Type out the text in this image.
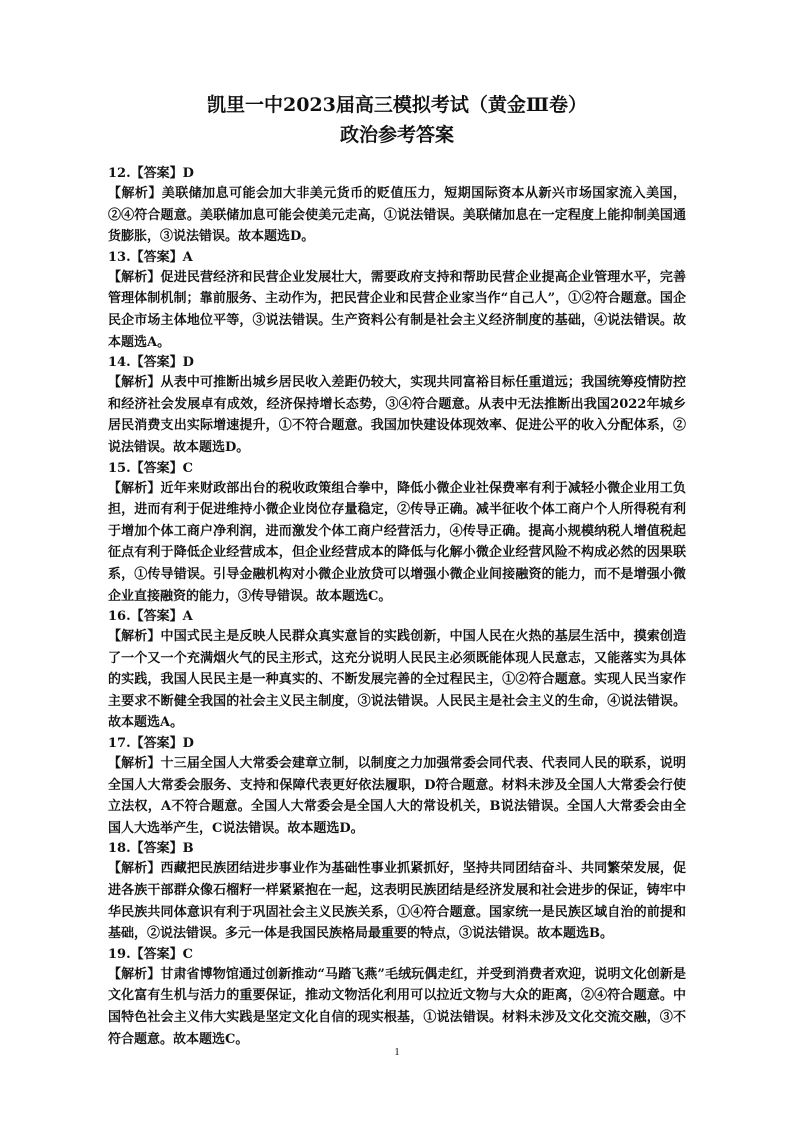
凯里一中2023届高三模拟考试（黄金Ⅲ卷）
政治参考答案

12.【答案】D

【解析】美联储加息可能会加大非美元货币的贬值压力，短期国际资本从新兴市场国家流入美国，②④符合题意。美联储加息可能会使美元走高，①说法错误。美联储加息在一定程度上能抑制美国通货膨胀，③说法错误。故本题选D。

13.【答案】A

【解析】促进民营经济和民营企业发展壮大，需要政府支持和帮助民营企业提高企业管理水平，完善管理体制机制；靠前服务、主动作为，把民营企业和民营企业家当作“自己人”，①②符合题意。国企民企市场主体地位平等，③说法错误。生产资料公有制是社会主义经济制度的基础，④说法错误。故本题选A。

14.【答案】D

【解析】从表中可推断出城乡居民收入差距仍较大，实现共同富裕目标任重道远；我国统筹疫情防控和经济社会发展卓有成效，经济保持增长态势，③④符合题意。从表中无法推断出我国2022年城乡居民消费支出实际增速提升，①不符合题意。我国加快建设体现效率、促进公平的收入分配体系，②说法错误。故本题选D。

15.【答案】C

【解析】近年来财政部出台的税收政策组合拳中，降低小微企业社保费率有利于减轻小微企业用工负担，进而有利于促进维持小微企业岗位存量稳定，②传导正确。减半征收个体工商户个人所得税有利于增加个体工商户净利润，进而激发个体工商户经营活力，④传导正确。提高小规模纳税人增值税起征点有利于降低企业经营成本，但企业经营成本的降低与化解小微企业经营风险不构成必然的因果联系，①传导错误。引导金融机构对小微企业放贷可以增强小微企业间接融资的能力，而不是增强小微企业直接融资的能力，③传导错误。故本题选C。

16.【答案】A

【解析】中国式民主是反映人民群众真实意旨的实践创新，中国人民在火热的基层生活中，摸索创造了一个又一个充满烟火气的民主形式，这充分说明人民民主必须既能体现人民意志，又能落实为具体的实践，我国人民民主是一种真实的、不断发展完善的全过程民主，①②符合题意。实现人民当家作主要求不断健全我国的社会主义民主制度，③说法错误。人民民主是社会主义的生命，④说法错误。故本题选A。

17.【答案】D

【解析】十三届全国人大常委会建章立制，以制度之力加强常委会同代表、代表同人民的联系，说明全国人大常委会服务、支持和保障代表更好依法履职，D符合题意。材料未涉及全国人大常委会行使立法权，A不符合题意。全国人大常委会是全国人大的常设机关，B说法错误。全国人大常委会由全国人大选举产生，C说法错误。故本题选D。

18.【答案】B

【解析】西藏把民族团结进步事业作为基础性事业抓紧抓好，坚持共同团结奋斗、共同繁荣发展，促进各族干部群众像石榴籽一样紧紧抱在一起，这表明民族团结是经济发展和社会进步的保证，铸牢中华民族共同体意识有利于巩固社会主义民族关系，①④符合题意。国家统一是民族区域自治的前提和基础，②说法错误。多元一体是我国民族格局最重要的特点，③说法错误。故本题选B。

19.【答案】C

【解析】甘肃省博物馆通过创新推动“马踏飞燕”毛绒玩偶走红，并受到消费者欢迎，说明文化创新是文化富有生机与活力的重要保证，推动文物活化利用可以拉近文物与大众的距离，②④符合题意。中国特色社会主义伟大实践是坚定文化自信的现实根基，①说法错误。材料未涉及文化交流交融，③不符合题意。故本题选C。

1
